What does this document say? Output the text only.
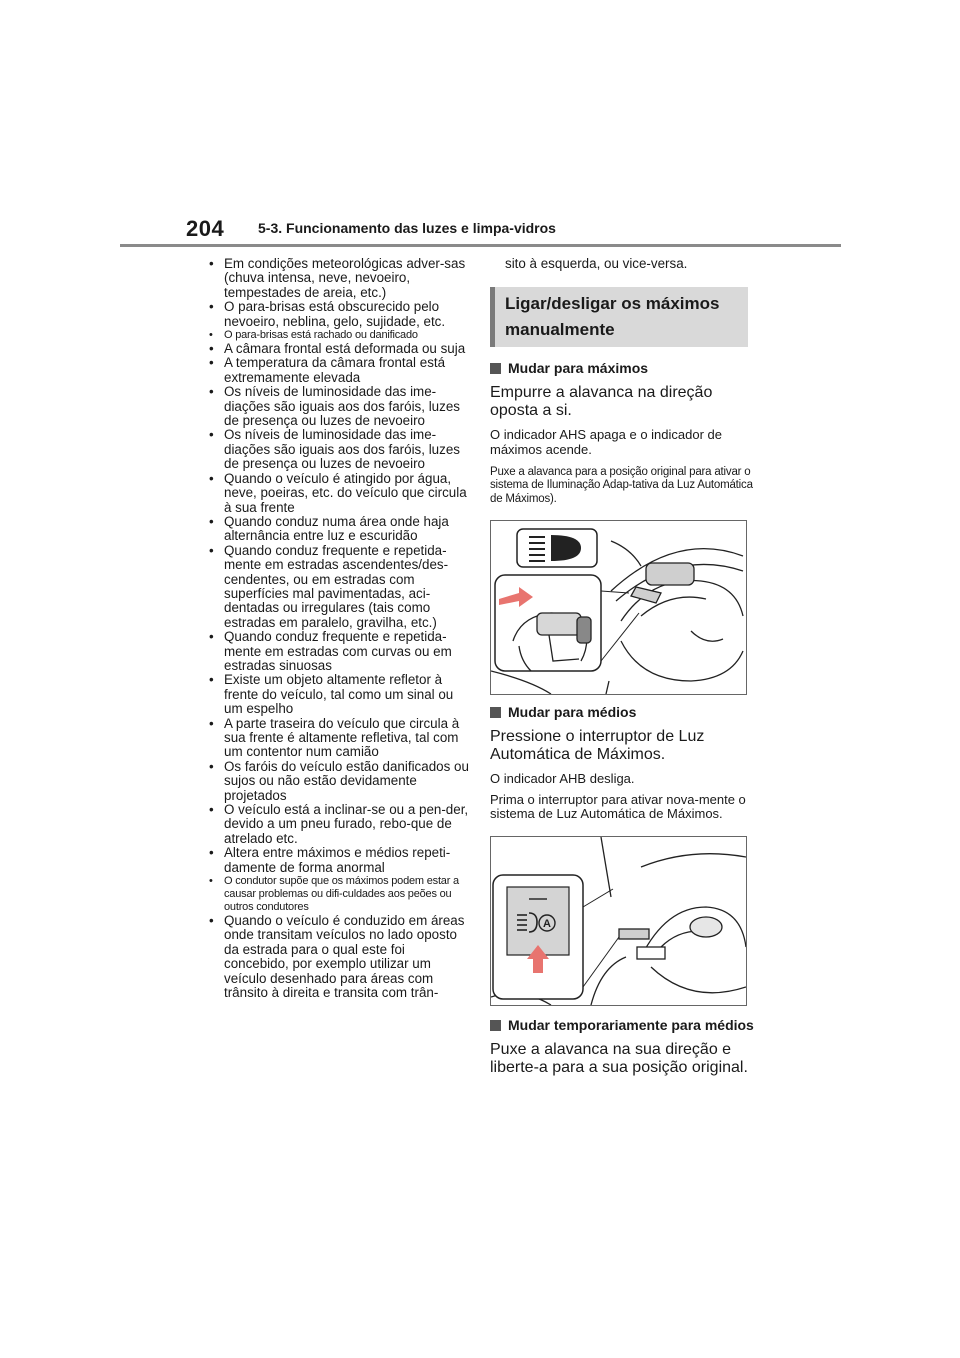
204 5-3. Funcionamento das luzes e limpa-vidros
• Em condições meteorológicas adver-sas (chuva intensa, neve, nevoeiro, tempestades de areia, etc.)
• O para-brisas está obscurecido pelo nevoeiro, neblina, gelo, sujidade, etc.
• O para-brisas está rachado ou danificado
• A câmara frontal está deformada ou suja
• A temperatura da câmara frontal está extremamente elevada
• Os níveis de luminosidade das ime-diações são iguais aos dos faróis, luzes de presença ou luzes de nevoeiro
• Os níveis de luminosidade das ime-diações são iguais aos dos faróis, luzes de presença ou luzes de nevoeiro
• Quando o veículo é atingido por água, neve, poeiras, etc. do veículo que circula à sua frente
• Quando conduz numa área onde haja alternância entre luz e escuridão
• Quando conduz frequente e repetida-mente em estradas ascendentes/des-cendentes, ou em estradas com superfícies mal pavimentadas, aci-dentadas ou irregulares (tais como estradas em paralelo, gravilha, etc.)
• Quando conduz frequente e repetida-mente em estradas com curvas ou em estradas sinuosas
• Existe um objeto altamente refletor à frente do veículo, tal como um sinal ou um espelho
• A parte traseira do veículo que circula à sua frente é altamente refletiva, tal com um contentor num camião
• Os faróis do veículo estão danificados ou sujos ou não estão devidamente projetados
• O veículo está a inclinar-se ou a pen-der, devido a um pneu furado, rebo-que de atrelado etc.
• Altera entre máximos e médios repeti-damente de forma anormal
• O condutor supõe que os máximos podem estar a causar problemas ou difi-culdades aos peões ou outros condutores
• Quando o veículo é conduzido em áreas onde transitam veículos no lado oposto da estrada para o qual este foi concebido, por exemplo utilizar um veículo desenhado para áreas com trânsito à direita e transita com trân-

sito à esquerda, ou vice-versa.

Ligar/desligar os máximos
manualmente
Mudar para máximos
Empurre a alavanca na direção oposta a si.
O indicador AHS apaga e o indicador de máximos acende.
Puxe a alavanca para a posição original para ativar o sistema de Iluminação Adap-tativa da Luz Automática de Máximos).
Mudar para médios
Pressione o interruptor de Luz Automática de Máximos.
O indicador AHB desliga.
Prima o interruptor para ativar nova-mente o sistema de Luz Automática de Máximos.
A
Mudar temporariamente para médios
Puxe a alavanca na sua direção e liberte-a para a sua posição original.
